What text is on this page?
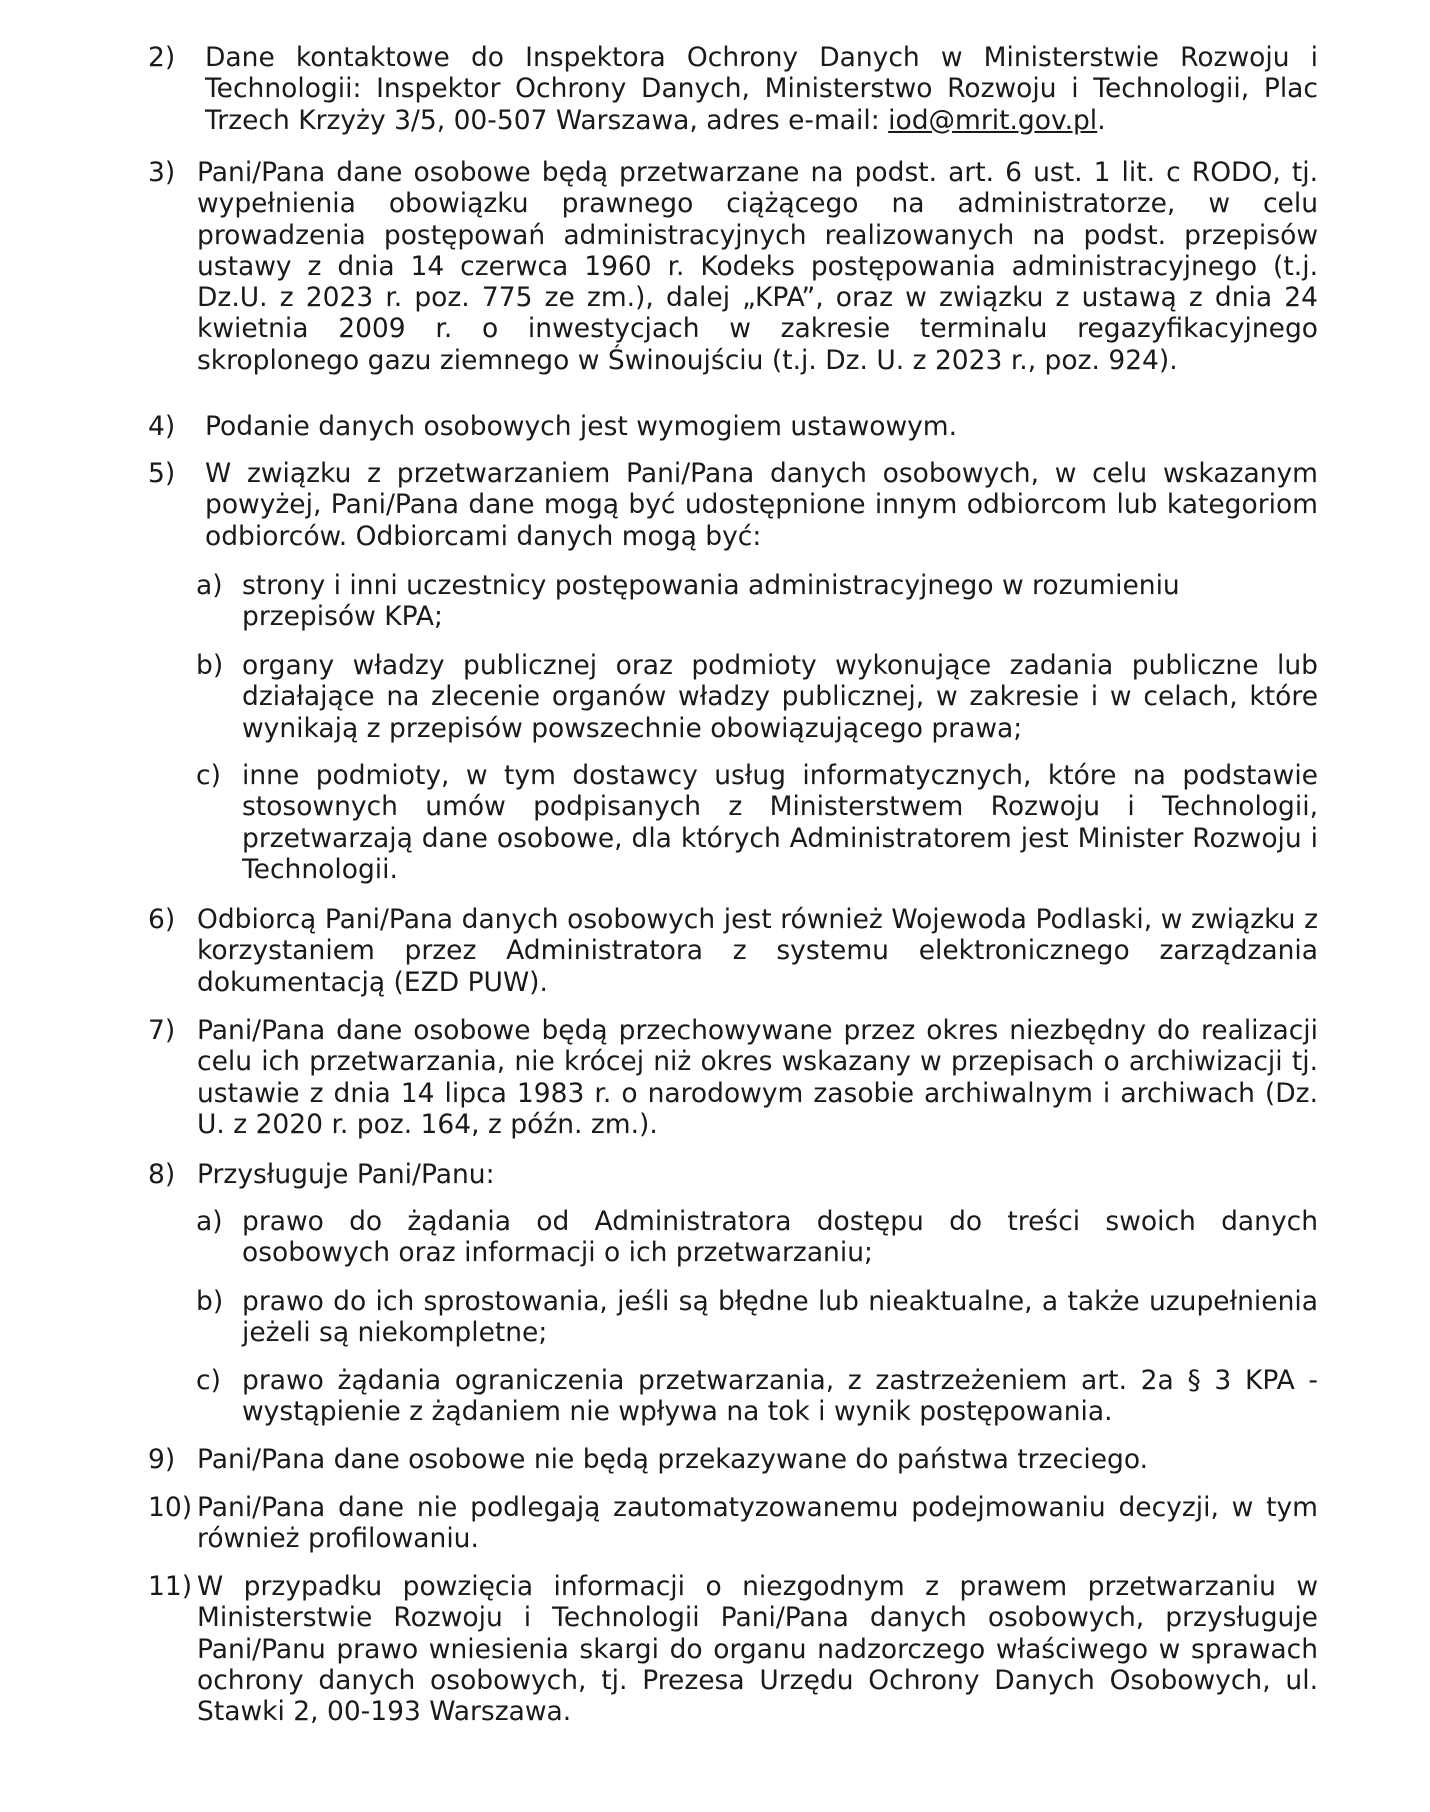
2) Dane kontaktowe do Inspektora Ochrony Danych w Ministerstwie Rozwoju i Technologii: Inspektor Ochrony Danych, Ministerstwo Rozwoju i Technologii, Plac Trzech Krzyży 3/5, 00-507 Warszawa, adres e-mail: iod@mrit.gov.pl.
3) Pani/Pana dane osobowe będą przetwarzane na podst. art. 6 ust. 1 lit. c RODO, tj. wypełnienia obowiązku prawnego ciążącego na administratorze, w celu prowadzenia postępowań administracyjnych realizowanych na podst. przepisów ustawy z dnia 14 czerwca 1960 r. Kodeks postępowania administracyjnego (t.j. Dz.U. z 2023 r. poz. 775 ze zm.), dalej „KPA”, oraz w związku z ustawą z dnia 24 kwietnia 2009 r. o inwestycjach w zakresie terminalu regazyfikacyjnego skroplonego gazu ziemnego w Świnoujściu (t.j. Dz. U. z 2023 r., poz. 924).
4) Podanie danych osobowych jest wymogiem ustawowym.
5) W związku z przetwarzaniem Pani/Pana danych osobowych, w celu wskazanym powyżej, Pani/Pana dane mogą być udostępnione innym odbiorcom lub kategoriom odbiorców. Odbiorcami danych mogą być:
a) strony i inni uczestnicy postępowania administracyjnego w rozumieniu przepisów KPA;
b) organy władzy publicznej oraz podmioty wykonujące zadania publiczne lub działające na zlecenie organów władzy publicznej, w zakresie i w celach, które wynikają z przepisów powszechnie obowiązującego prawa;
c) inne podmioty, w tym dostawcy usług informatycznych, które na podstawie stosownych umów podpisanych z Ministerstwem Rozwoju i Technologii, przetwarzają dane osobowe, dla których Administratorem jest Minister Rozwoju i Technologii.
6) Odbiorcą Pani/Pana danych osobowych jest również Wojewoda Podlaski, w związku z korzystaniem przez Administratora z systemu elektronicznego zarządzania dokumentacją (EZD PUW).
7) Pani/Pana dane osobowe będą przechowywane przez okres niezbędny do realizacji celu ich przetwarzania, nie krócej niż okres wskazany w przepisach o archiwizacji tj. ustawie z dnia 14 lipca 1983 r. o narodowym zasobie archiwalnym i archiwach (Dz. U. z 2020 r. poz. 164, z późn. zm.).
8) Przysługuje Pani/Panu:
a) prawo do żądania od Administratora dostępu do treści swoich danych osobowych oraz informacji o ich przetwarzaniu;
b) prawo do ich sprostowania, jeśli są błędne lub nieaktualne, a także uzupełnienia jeżeli są niekompletne;
c) prawo żądania ograniczenia przetwarzania, z zastrzeżeniem art. 2a § 3 KPA - wystąpienie z żądaniem nie wpływa na tok i wynik postępowania.
9) Pani/Pana dane osobowe nie będą przekazywane do państwa trzeciego.
10) Pani/Pana dane nie podlegają zautomatyzowanemu podejmowaniu decyzji, w tym również profilowaniu.
11) W przypadku powzięcia informacji o niezgodnym z prawem przetwarzaniu w Ministerstwie Rozwoju i Technologii Pani/Pana danych osobowych, przysługuje Pani/Panu prawo wniesienia skargi do organu nadzorczego właściwego w sprawach ochrony danych osobowych, tj. Prezesa Urzędu Ochrony Danych Osobowych, ul. Stawki 2, 00-193 Warszawa.
